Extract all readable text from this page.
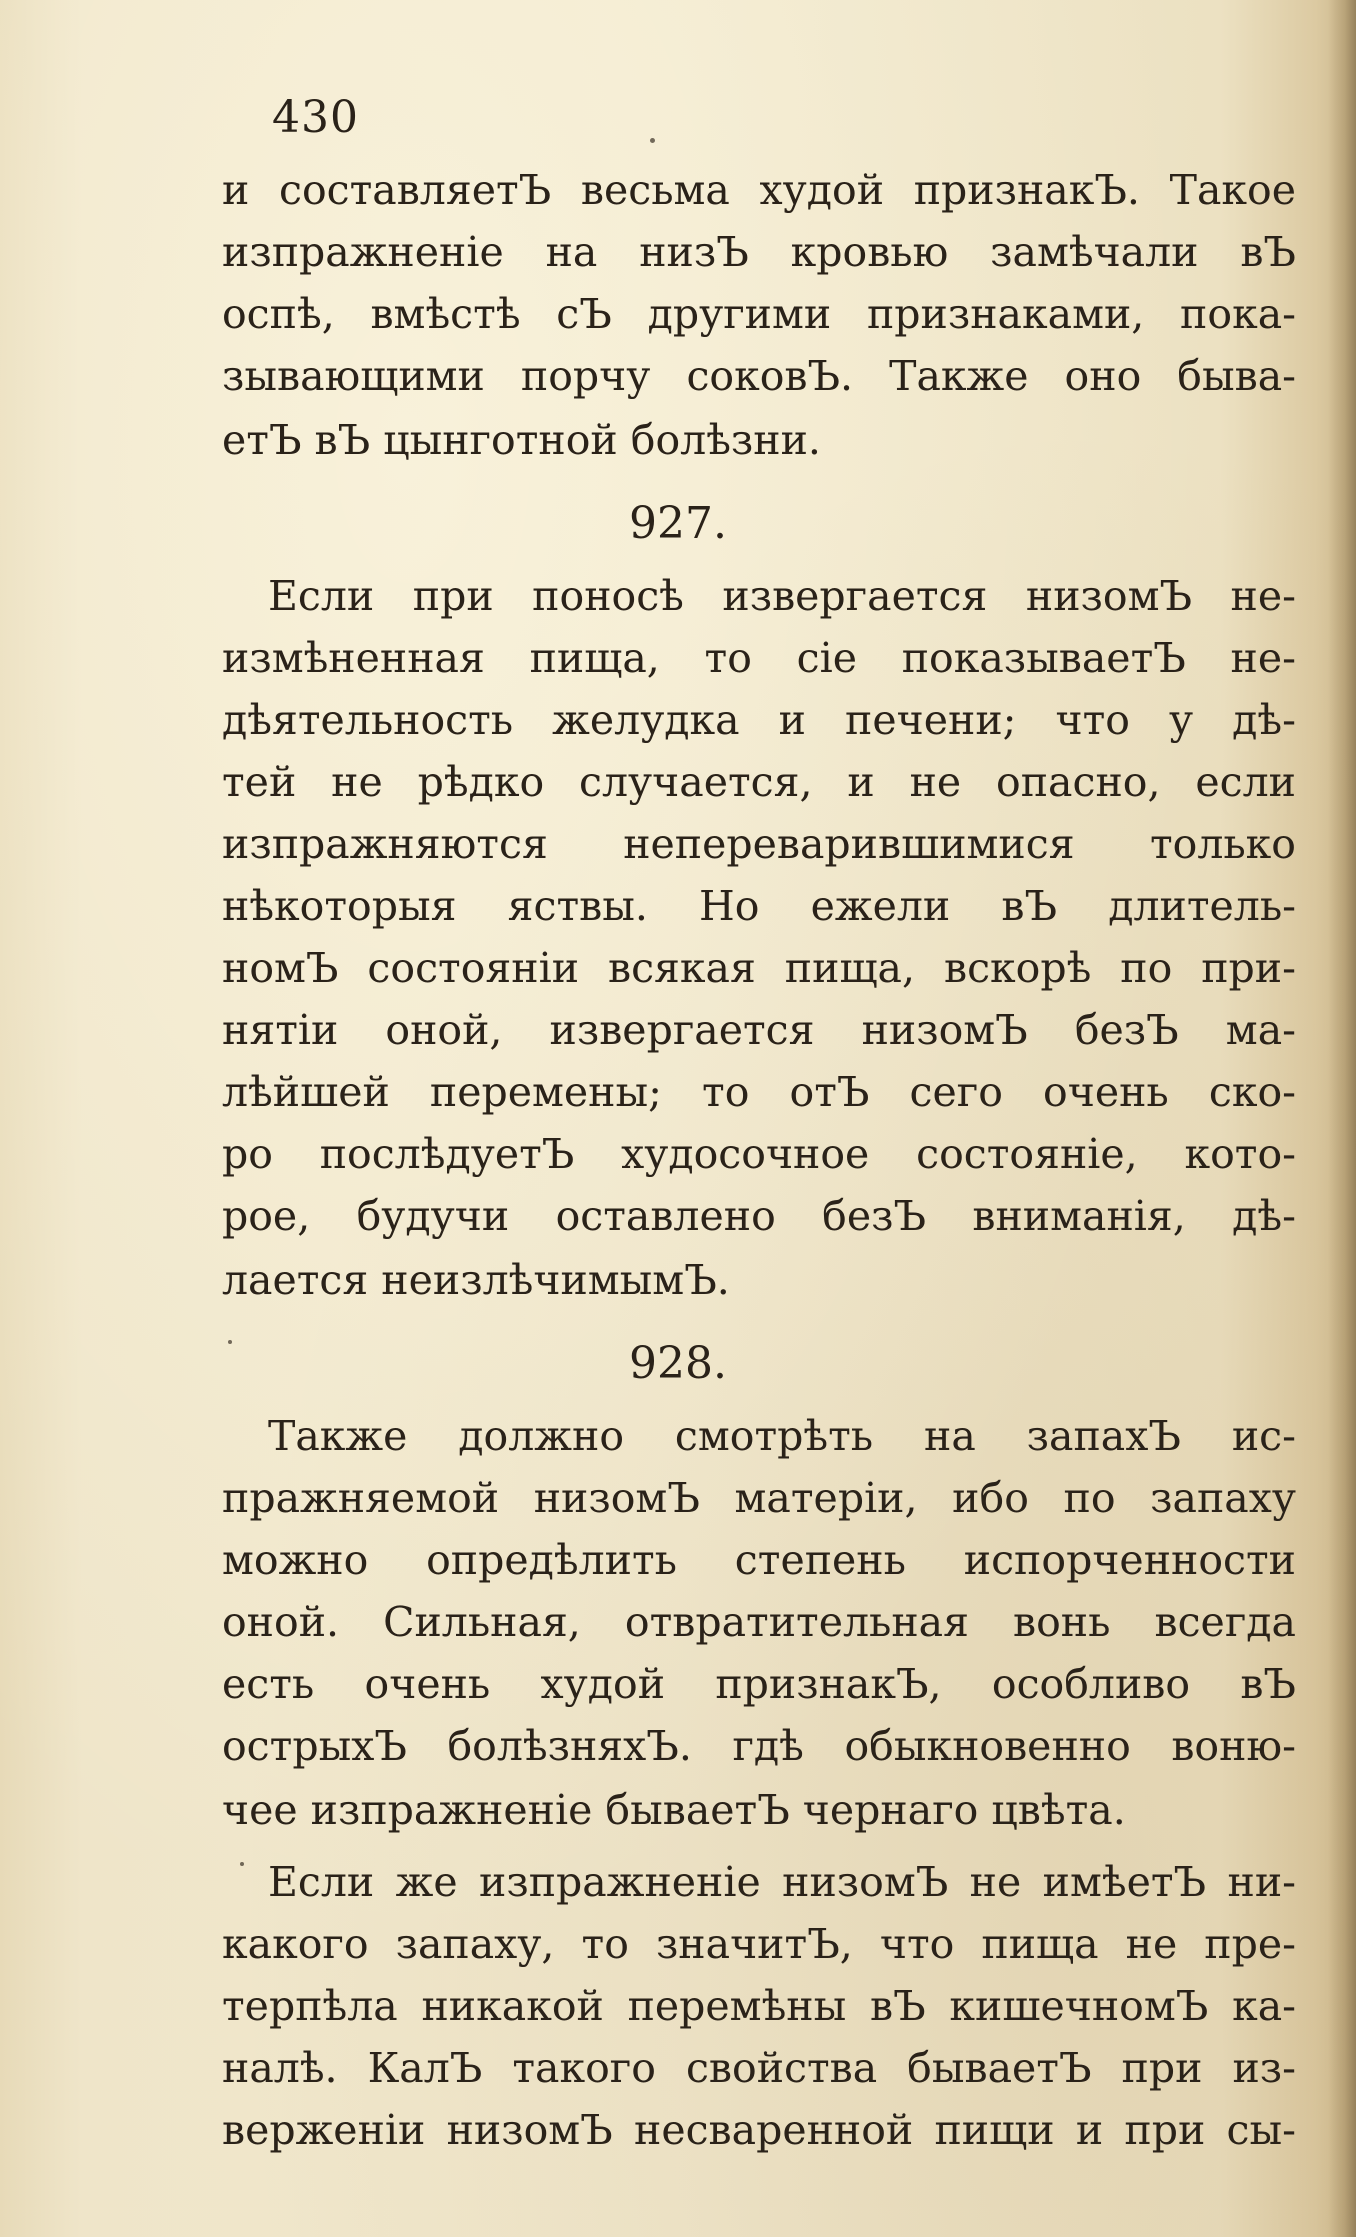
430
и составляетЪ весьма худой признакЪ. Такое
изпражненіе на низЪ кровью замѣчали вЪ
оспѣ, вмѣстѣ сЪ другими признаками, пока-
зывающими порчу соковЪ. Также оно быва-
етЪ вЪ цынготной болѣзни.
927.
Если при поносѣ извергается низомЪ не-
измѣненная пища, то сіе показываетЪ не-
дѣятельность желудка и печени; что у дѣ-
тей не рѣдко случается, и не опасно, если
изпражняются непереварившимися только
нѣкоторыя яствы. Но ежели вЪ длитель-
номЪ состояніи всякая пища, вскорѣ по при-
нятіи оной, извергается низомЪ безЪ ма-
лѣйшей перемены; то отЪ сего очень ско-
ро послѣдуетЪ худосочное состояніе, кото-
рое, будучи оставлено безЪ вниманія, дѣ-
лается неизлѣчимымЪ.
928.
Также должно смотрѣть на запахЪ ис-
пражняемой низомЪ матеріи, ибо по запаху
можно опредѣлить степень испорченности
оной. Сильная, отвратительная вонь всегда
есть очень худой признакЪ, особливо вЪ
острыхЪ болѣзняхЪ. гдѣ обыкновенно воню-
чее изпражненіе бываетЪ чернаго цвѣта.
Если же изпражненіе низомЪ не имѣетЪ ни-
какого запаху, то значитЪ, что пища не пре-
терпѣла никакой перемѣны вЪ кишечномЪ ка-
налѣ. КалЪ такого свойства бываетЪ при из-
верженіи низомЪ несваренной пищи и при сы-
